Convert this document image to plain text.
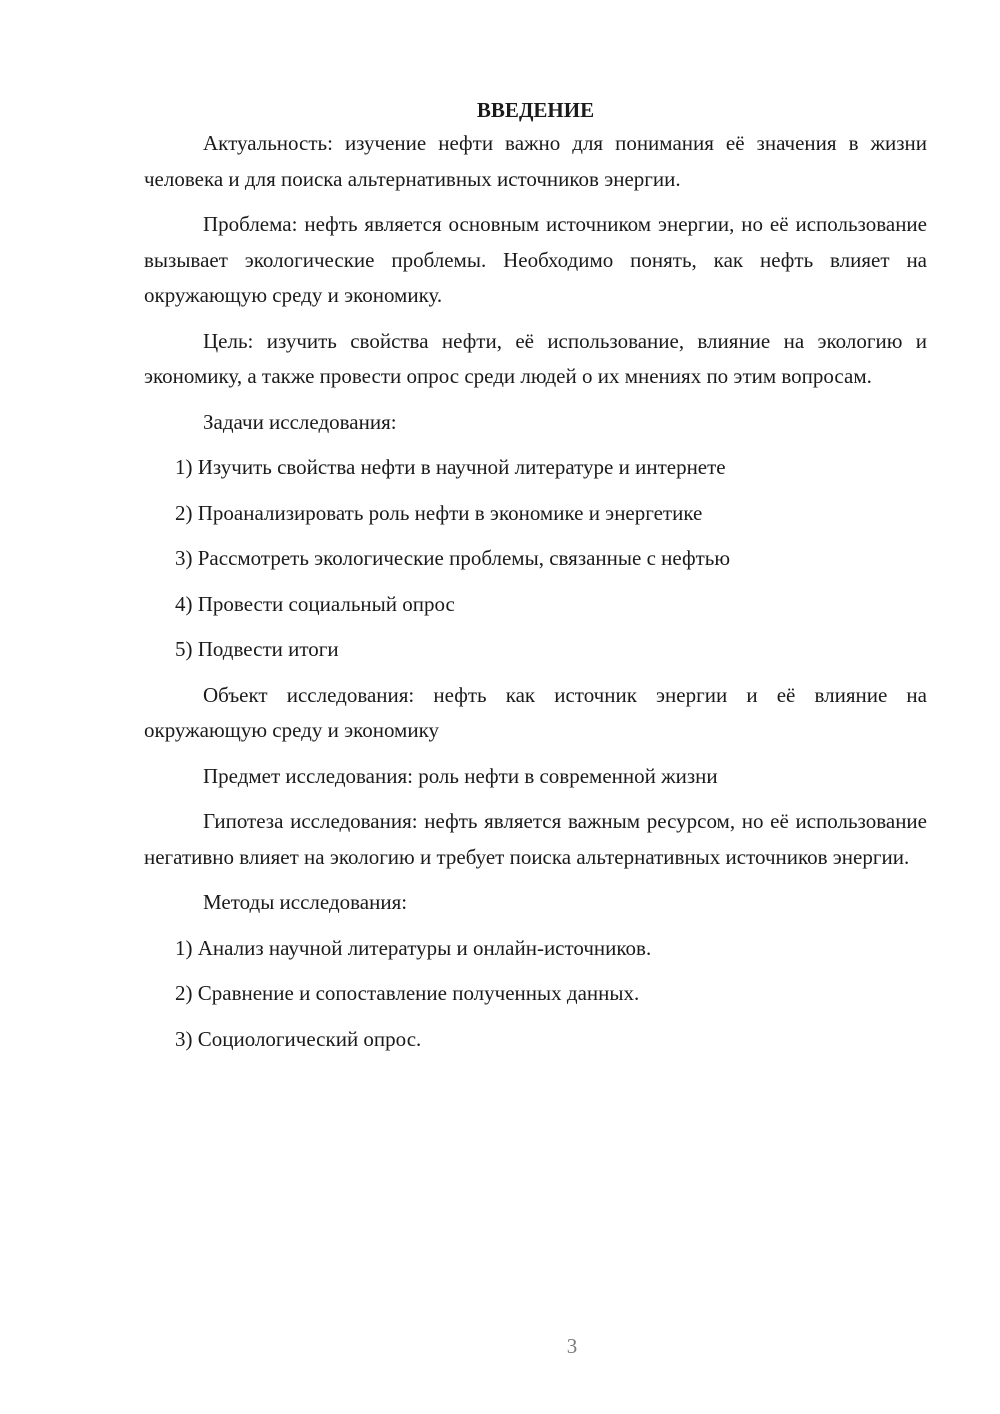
ВВЕДЕНИЕ

Актуальность: изучение нефти важно для понимания её значения в жизни человека и для поиска альтернативных источников энергии.

Проблема: нефть является основным источником энергии, но её использование вызывает экологические проблемы. Необходимо понять, как нефть влияет на окружающую среду и экономику.

Цель: изучить свойства нефти, её использование, влияние на экологию и экономику, а также провести опрос среди людей о их мнениях по этим вопросам.

Задачи исследования:

1) Изучить свойства нефти в научной литературе и интернете

2) Проанализировать роль нефти в экономике и энергетике

3) Рассмотреть экологические проблемы, связанные с нефтью

4) Провести социальный опрос

5) Подвести итоги

Объект исследования: нефть как источник энергии и её влияние на окружающую среду и экономику

Предмет исследования: роль нефти в современной жизни

Гипотеза исследования: нефть является важным ресурсом, но её использование негативно влияет на экологию и требует поиска альтернативных источников энергии.

Методы исследования:

1) Анализ научной литературы и онлайн-источников.

2) Сравнение и сопоставление полученных данных.

3) Социологический опрос.

3
